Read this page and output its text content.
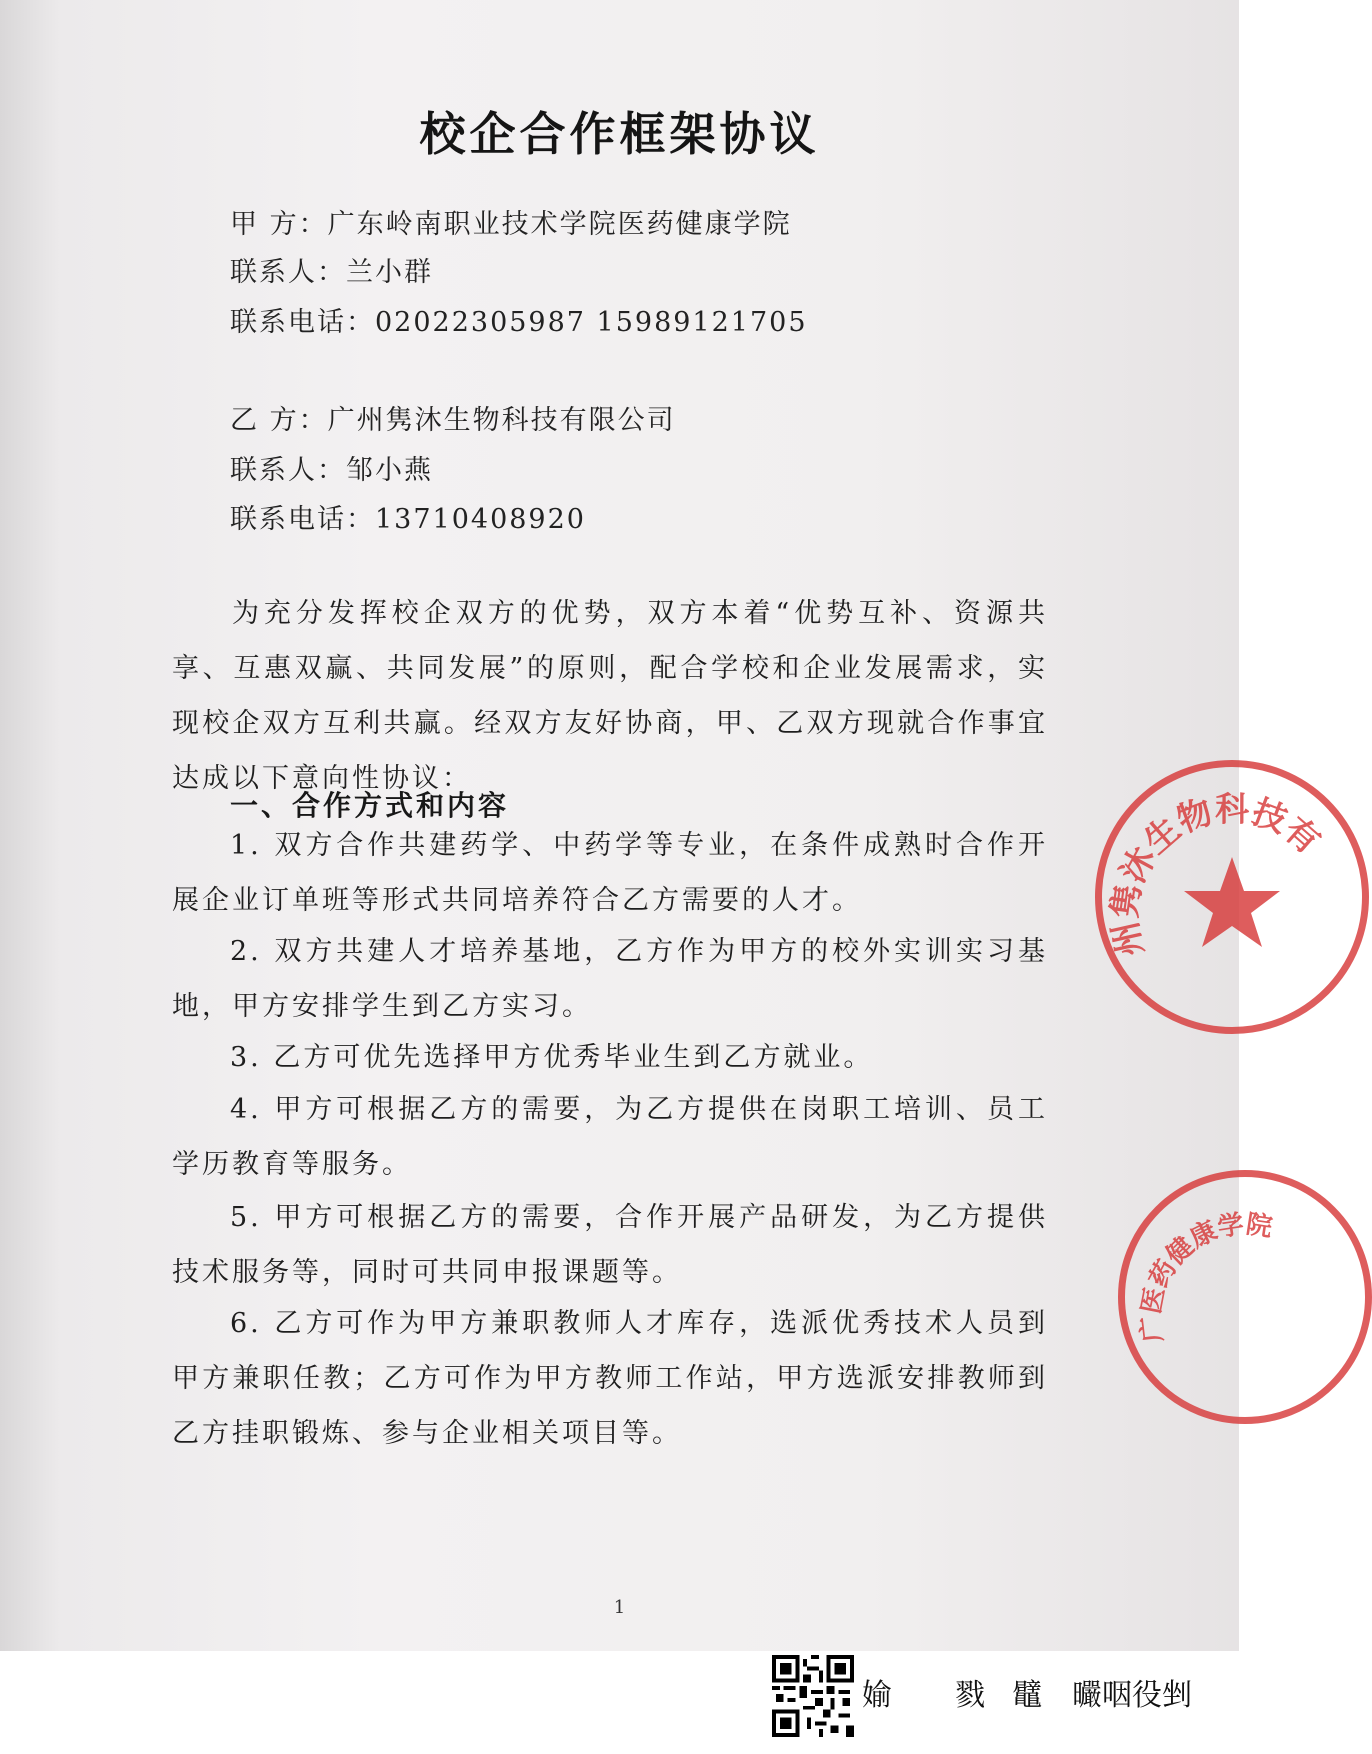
校企合作框架协议
甲 方：广东岭南职业技术学院医药健康学院
联系人：兰小群
联系电话：02022305987 15989121705
乙 方：广州隽沐生物科技有限公司
联系人：邹小燕
联系电话：13710408920
为充分发挥校企双方的优势，双方本着“优势互补、资源共享、互惠双赢、共同发展”的原则，配合学校和企业发展需求，实现校企双方互利共赢。经双方友好协商，甲、乙双方现就合作事宜达成以下意向性协议：
一、合作方式和内容
1. 双方合作共建药学、中药学等专业，在条件成熟时合作开展企业订单班等形式共同培养符合乙方需要的人才。
2. 双方共建人才培养基地，乙方作为甲方的校外实训实习基地，甲方安排学生到乙方实习。
3. 乙方可优先选择甲方优秀毕业生到乙方就业。
4. 甲方可根据乙方的需要，为乙方提供在岗职工培训、员工学历教育等服务。
5. 甲方可根据乙方的需要，合作开展产品研发，为乙方提供技术服务等，同时可共同申报课题等。
6. 乙方可作为甲方兼职教师人才库存，选派优秀技术人员到甲方兼职任教；乙方可作为甲方教师工作站，甲方选派安排教师到乙方挂职锻炼、参与企业相关项目等。
1
州隽沐生物科技有
广医药健康学院
媮 戮 鼊 曮咽役剉
